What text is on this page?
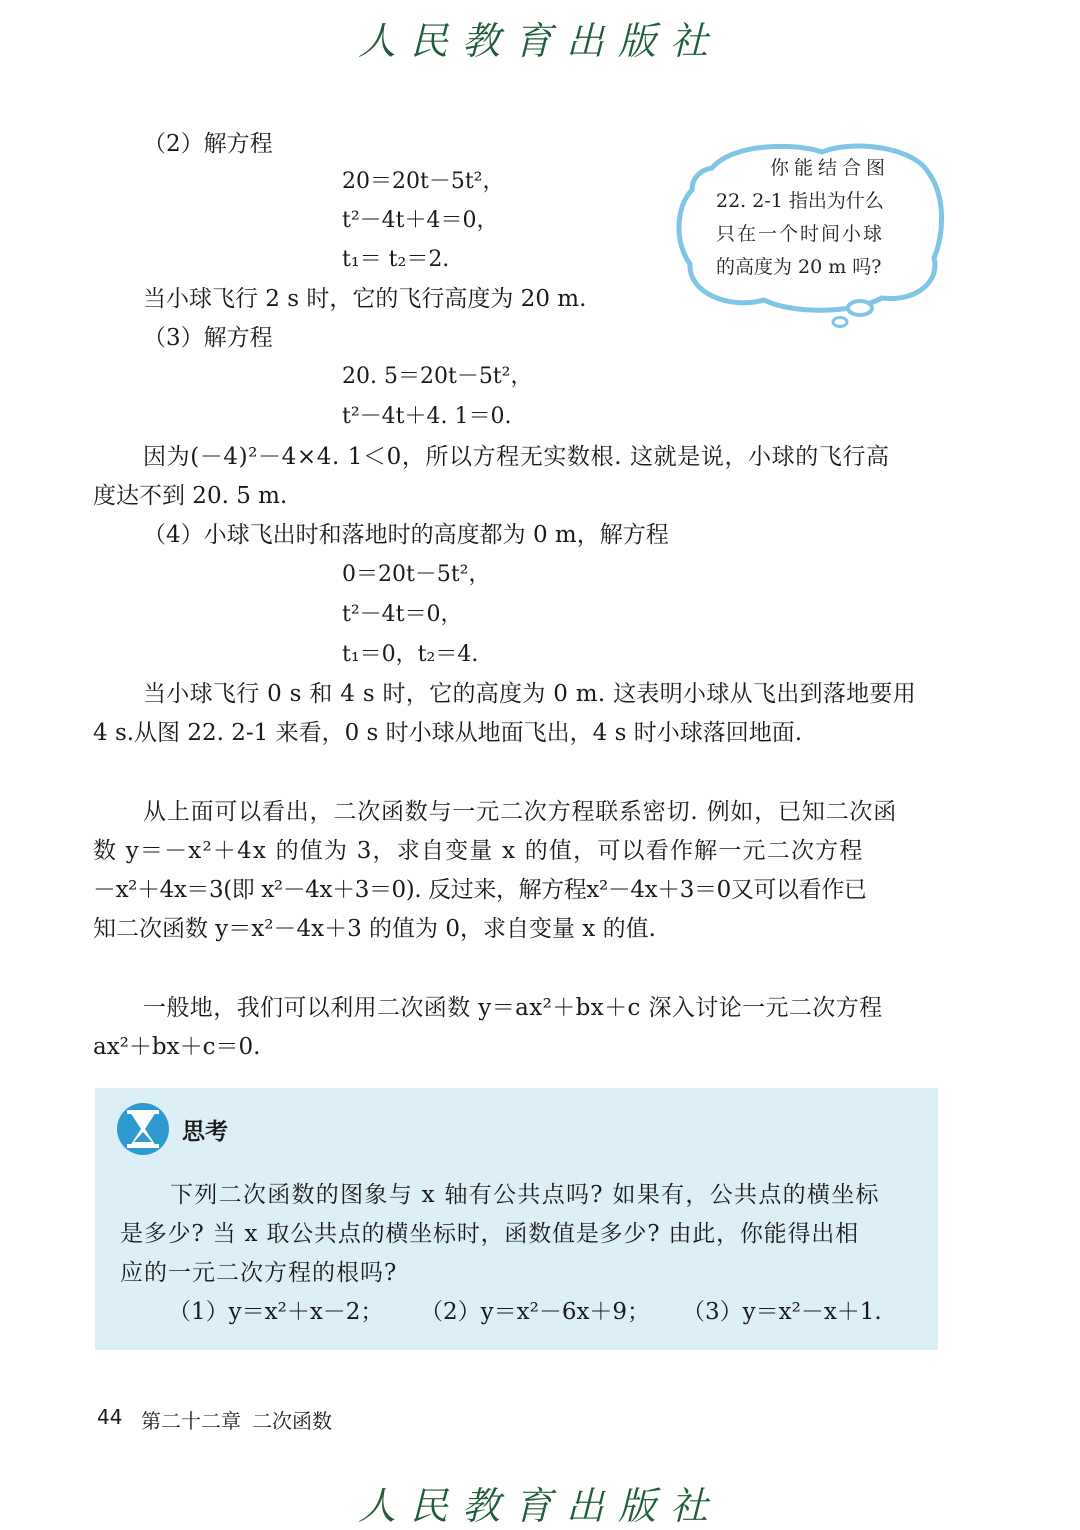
人民教育出版社
（2）解方程
20＝20t－5t²，
t²－4t＋4＝0，
t₁＝ t₂＝2.
当小球飞行 2 s 时，它的飞行高度为 20 m.
你能结合图
22. 2-1 指出为什么
只在一个时间小球
的高度为 20 m 吗?
（3）解方程
20. 5＝20t－5t²，
t²－4t＋4. 1＝0.
因为(－4)²－4×4. 1＜0，所以方程无实数根. 这就是说，小球的飞行高
度达不到 20. 5 m.
（4）小球飞出时和落地时的高度都为 0 m，解方程
0＝20t－5t²，
t²－4t＝0，
t₁＝0，t₂＝4.
当小球飞行 0 s 和 4 s 时，它的高度为 0 m. 这表明小球从飞出到落地要用
4 s.从图 22. 2-1 来看，0 s 时小球从地面飞出，4 s 时小球落回地面.
从上面可以看出，二次函数与一元二次方程联系密切. 例如，已知二次函
数 y＝－x²＋4x 的值为 3，求自变量 x 的值，可以看作解一元二次方程
－x²＋4x＝3(即 x²－4x＋3＝0). 反过来，解方程x²－4x＋3＝0又可以看作已
知二次函数 y＝x²－4x＋3 的值为 0，求自变量 x 的值.
一般地，我们可以利用二次函数 y＝ax²＋bx＋c 深入讨论一元二次方程
ax²＋bx＋c＝0.
思考
下列二次函数的图象与 x 轴有公共点吗? 如果有，公共点的横坐标
是多少? 当 x 取公共点的横坐标时，函数值是多少? 由此，你能得出相
应的一元二次方程的根吗?
（1）y＝x²＋x－2； （2）y＝x²－6x＋9； （3）y＝x²－x＋1.
44 第二十二章 二次函数
人民教育出版社
